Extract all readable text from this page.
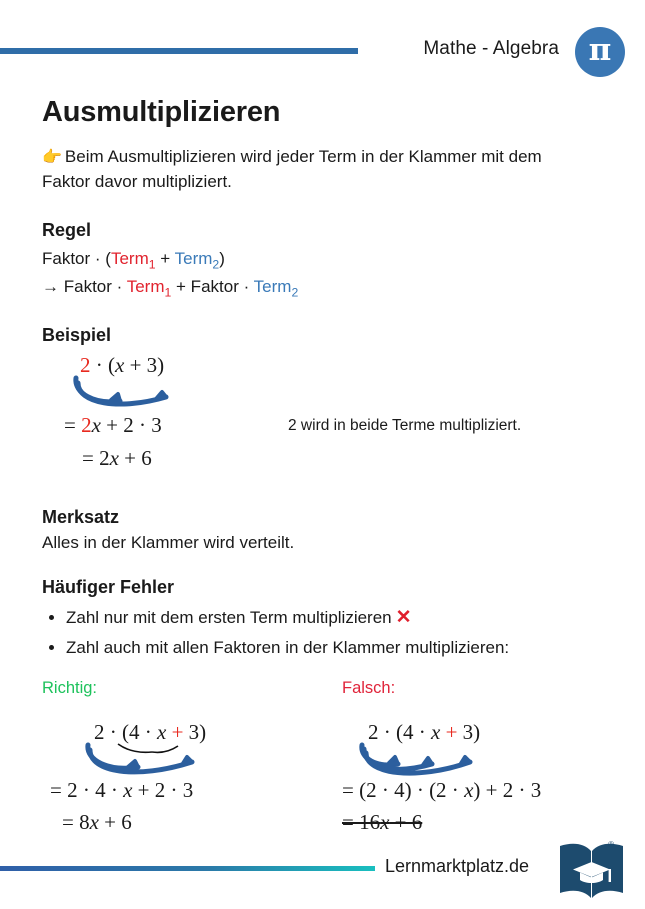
Mathe - Algebra π
Ausmultiplizieren

👉 Beim Ausmultiplizieren wird jeder Term in der Klammer mit dem Faktor davor multipliziert.

Regel
Faktor · (Term$_1$ + Term$_2$)
→ Faktor · Term$_1$ + Faktor · Term$_2$
Beispiel
2 · (x + 3)
= 2x + 2 · 3
= 2x + 6
2 wird in beide Terme multipliziert.
Merksatz

Alles in der Klammer wird verteilt.

Häufiger Fehler
• Zahl nur mit dem ersten Term multiplizieren ✕
• Zahl auch mit allen Faktoren in der Klammer multiplizieren:
Richtig:
2 · (4 · x + 3)
= 2 · 4 · x + 2 · 3
= 8x + 6
Falsch:
2 · (4 · x + 3)
= (2 · 4) · (2 · x) + 2 · 3
= 16x + 6
Lernmarktplatz.de
®
